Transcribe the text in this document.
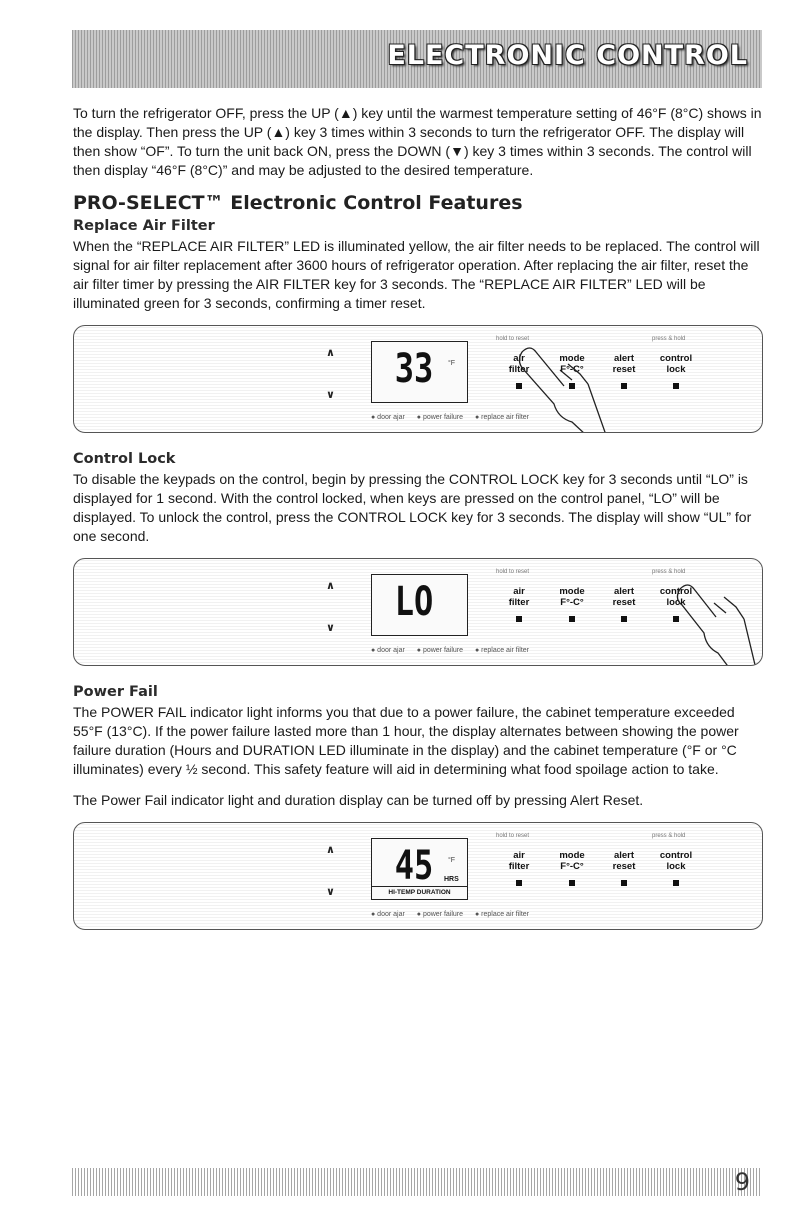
ELECTRONIC CONTROL

To turn the refrigerator OFF, press the UP (▲) key until the warmest temperature setting of 46°F (8°C) shows in the display. Then press the UP (▲) key 3 times within 3 seconds to turn the refrigerator OFF. The display will then show “OF”. To turn the unit back ON, press the DOWN (▼) key 3 times within 3 seconds. The control will then display “46°F (8°C)” and may be adjusted to the desired temperature.

PRO-SELECT™ Electronic Control Features
Replace Air Filter

When the “REPLACE AIR FILTER” LED is illuminated yellow, the air filter needs to be replaced. The control will signal for air filter replacement after 3600 hours of refrigerator operation. After replacing the air filter, reset the air filter timer by pressing the AIR FILTER key for 3 seconds. The “REPLACE AIR FILTER” LED will be illuminated green for 3 seconds, confirming a timer reset.

∧
∨
33	°F
hold to reset	press & hold
air
filter
mode
F°-C°
alert
reset
control
lock
● door ajar ● power failure ● replace air filter
Control Lock

To disable the keypads on the control, begin by pressing the CONTROL LOCK key for 3 seconds until “LO” is displayed for 1 second. With the control locked, when keys are pressed on the control panel, “LO” will be displayed. To unlock the control, press the CONTROL LOCK key for 3 seconds. The display will show “UL” for one second.

∧
∨
LO
hold to reset	press & hold
air
filter
mode
F°-C°
alert
reset
control
lock
● door ajar ● power failure ● replace air filter
Power Fail

The POWER FAIL indicator light informs you that due to a power failure, the cabinet temperature exceeded 55°F (13°C). If the power failure lasted more than 1 hour, the display alternates between showing the power failure duration (Hours and DURATION LED illuminate in the display) and the cabinet temperature (°F or °C illuminates) every ½ second. This safety feature will aid in determining what food spoilage action to take.

The Power Fail indicator light and duration display can be turned off by pressing Alert Reset.

∧
∨
45	°F
HRS
HI-TEMP DURATION
hold to reset	press & hold
air
filter
mode
F°-C°
alert
reset
control
lock
● door ajar ● power failure ● replace air filter
9
